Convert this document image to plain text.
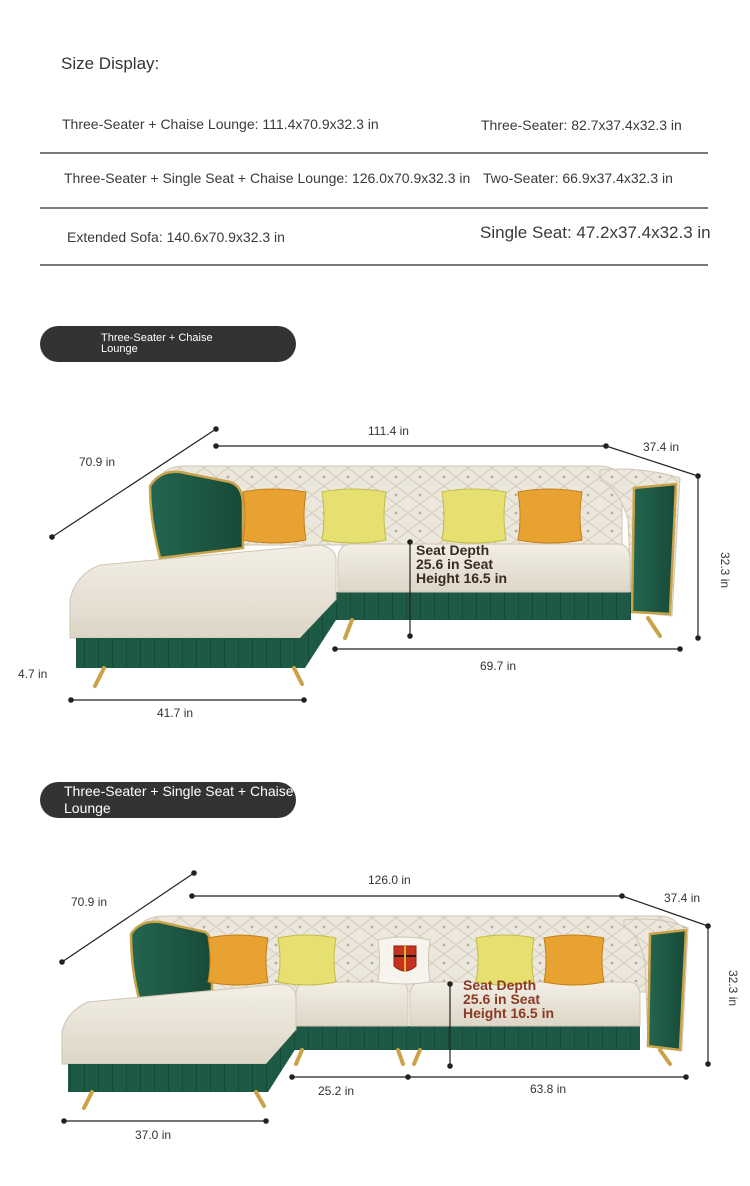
Size Display:
Three-Seater + Chaise Lounge: 111.4x70.9x32.3 in	Three-Seater: 82.7x37.4x32.3 in
Three-Seater + Single Seat + Chaise Lounge: 126.0x70.9x32.3 in Two-Seater: 66.9x37.4x32.3 in
Extended Sofa: 140.6x70.9x32.3 in	Single Seat: 47.2x37.4x32.3 in
Three-Seater + Chaise Lounge
Three-Seater + Single Seat + Chaise Lounge
70.9 in
111.4 in
37.4 in
32.3 in
4.7 in
41.7 in
69.7 in
Seat Depth
25.6 in Seat
Height 16.5 in
70.9 in
126.0 in
37.4 in
32.3 in
37.0 in
25.2 in	63.8 in
Seat Depth
25.6 in Seat
Height 16.5 in
